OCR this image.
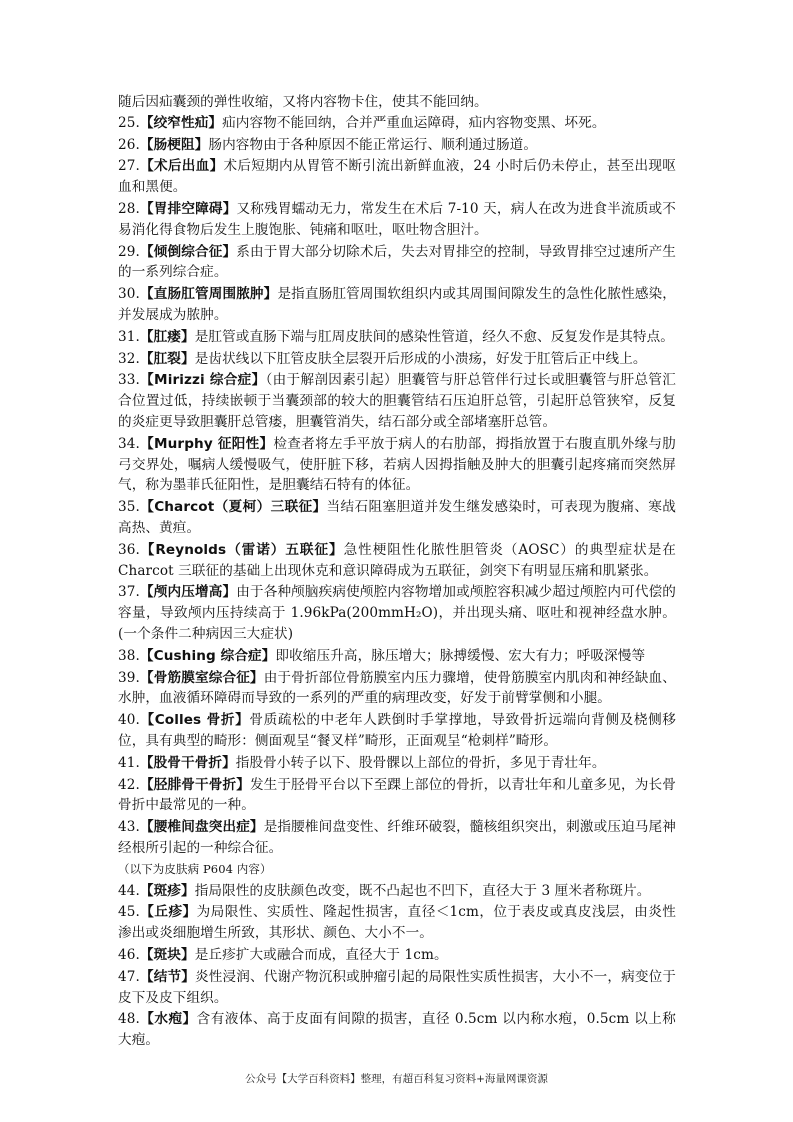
随后因疝囊颈的弹性收缩，又将内容物卡住，使其不能回纳。

25.【绞窄性疝】疝内容物不能回纳，合并严重血运障碍，疝内容物变黑、坏死。

26.【肠梗阻】肠内容物由于各种原因不能正常运行、顺利通过肠道。

27.【术后出血】术后短期内从胃管不断引流出新鲜血液，24 小时后仍未停止，甚至出现呕血和黑便。

28.【胃排空障碍】又称残胃蠕动无力，常发生在术后 7-10 天，病人在改为进食半流质或不易消化得食物后发生上腹饱胀、钝痛和呕吐，呕吐物含胆汁。

29.【倾倒综合征】系由于胃大部分切除术后，失去对胃排空的控制，导致胃排空过速所产生的一系列综合症。

30.【直肠肛管周围脓肿】是指直肠肛管周围软组织内或其周围间隙发生的急性化脓性感染，并发展成为脓肿。

31.【肛瘘】是肛管或直肠下端与肛周皮肤间的感染性管道，经久不愈、反复发作是其特点。

32.【肛裂】是齿状线以下肛管皮肤全层裂开后形成的小溃疡，好发于肛管后正中线上。

33.【Mirizzi 综合症】（由于解剖因素引起）胆囊管与肝总管伴行过长或胆囊管与肝总管汇合位置过低，持续嵌顿于当囊颈部的较大的胆囊管结石压迫肝总管，引起肝总管狭窄，反复的炎症更导致胆囊肝总管瘘，胆囊管消失，结石部分或全部堵塞肝总管。

34.【Murphy 征阳性】检查者将左手平放于病人的右肋部，拇指放置于右腹直肌外缘与肋弓交界处，嘱病人缓慢吸气，使肝脏下移，若病人因拇指触及肿大的胆囊引起疼痛而突然屏气，称为墨菲氏征阳性，是胆囊结石特有的体征。

35.【Charcot（夏柯）三联征】当结石阻塞胆道并发生继发感染时，可表现为腹痛、寒战高热、黄疸。

36.【Reynolds（雷诺）五联征】急性梗阻性化脓性胆管炎（AOSC）的典型症状是在 Charcot 三联征的基础上出现休克和意识障碍成为五联征，剑突下有明显压痛和肌紧张。

37.【颅内压增高】由于各种颅脑疾病使颅腔内容物增加或颅腔容积减少超过颅腔内可代偿的容量，导致颅内压持续高于 1.96kPa(200mmH₂O)，并出现头痛、呕吐和视神经盘水肿。(一个条件二种病因三大症状)

38.【Cushing 综合症】即收缩压升高，脉压增大；脉搏缓慢、宏大有力；呼吸深慢等

39.【骨筋膜室综合征】由于骨折部位骨筋膜室内压力骤增，使骨筋膜室内肌肉和神经缺血、水肿，血液循环障碍而导致的一系列的严重的病理改变，好发于前臂掌侧和小腿。

40.【Colles 骨折】骨质疏松的中老年人跌倒时手掌撑地，导致骨折远端向背侧及桡侧移位，具有典型的畸形：侧面观呈“餐叉样”畸形，正面观呈“枪刺样”畸形。

41.【股骨干骨折】指股骨小转子以下、股骨髁以上部位的骨折，多见于青壮年。

42.【胫腓骨干骨折】发生于胫骨平台以下至踝上部位的骨折，以青壮年和儿童多见，为长骨骨折中最常见的一种。

43.【腰椎间盘突出症】是指腰椎间盘变性、纤维环破裂，髓核组织突出，刺激或压迫马尾神经根所引起的一种综合征。

（以下为皮肤病 P604 内容）

44.【斑疹】指局限性的皮肤颜色改变，既不凸起也不凹下，直径大于 3 厘米者称斑片。

45.【丘疹】为局限性、实质性、隆起性损害，直径＜1cm，位于表皮或真皮浅层，由炎性渗出或炎细胞增生所致，其形状、颜色、大小不一。

46.【斑块】是丘疹扩大或融合而成，直径大于 1cm。

47.【结节】炎性浸润、代谢产物沉积或肿瘤引起的局限性实质性损害，大小不一，病变位于皮下及皮下组织。

48.【水疱】含有液体、高于皮面有间隙的损害，直径 0.5cm 以内称水疱，0.5cm 以上称大疱。

公众号【大学百科资料】整理，有超百科复习资料+海量网课资源
